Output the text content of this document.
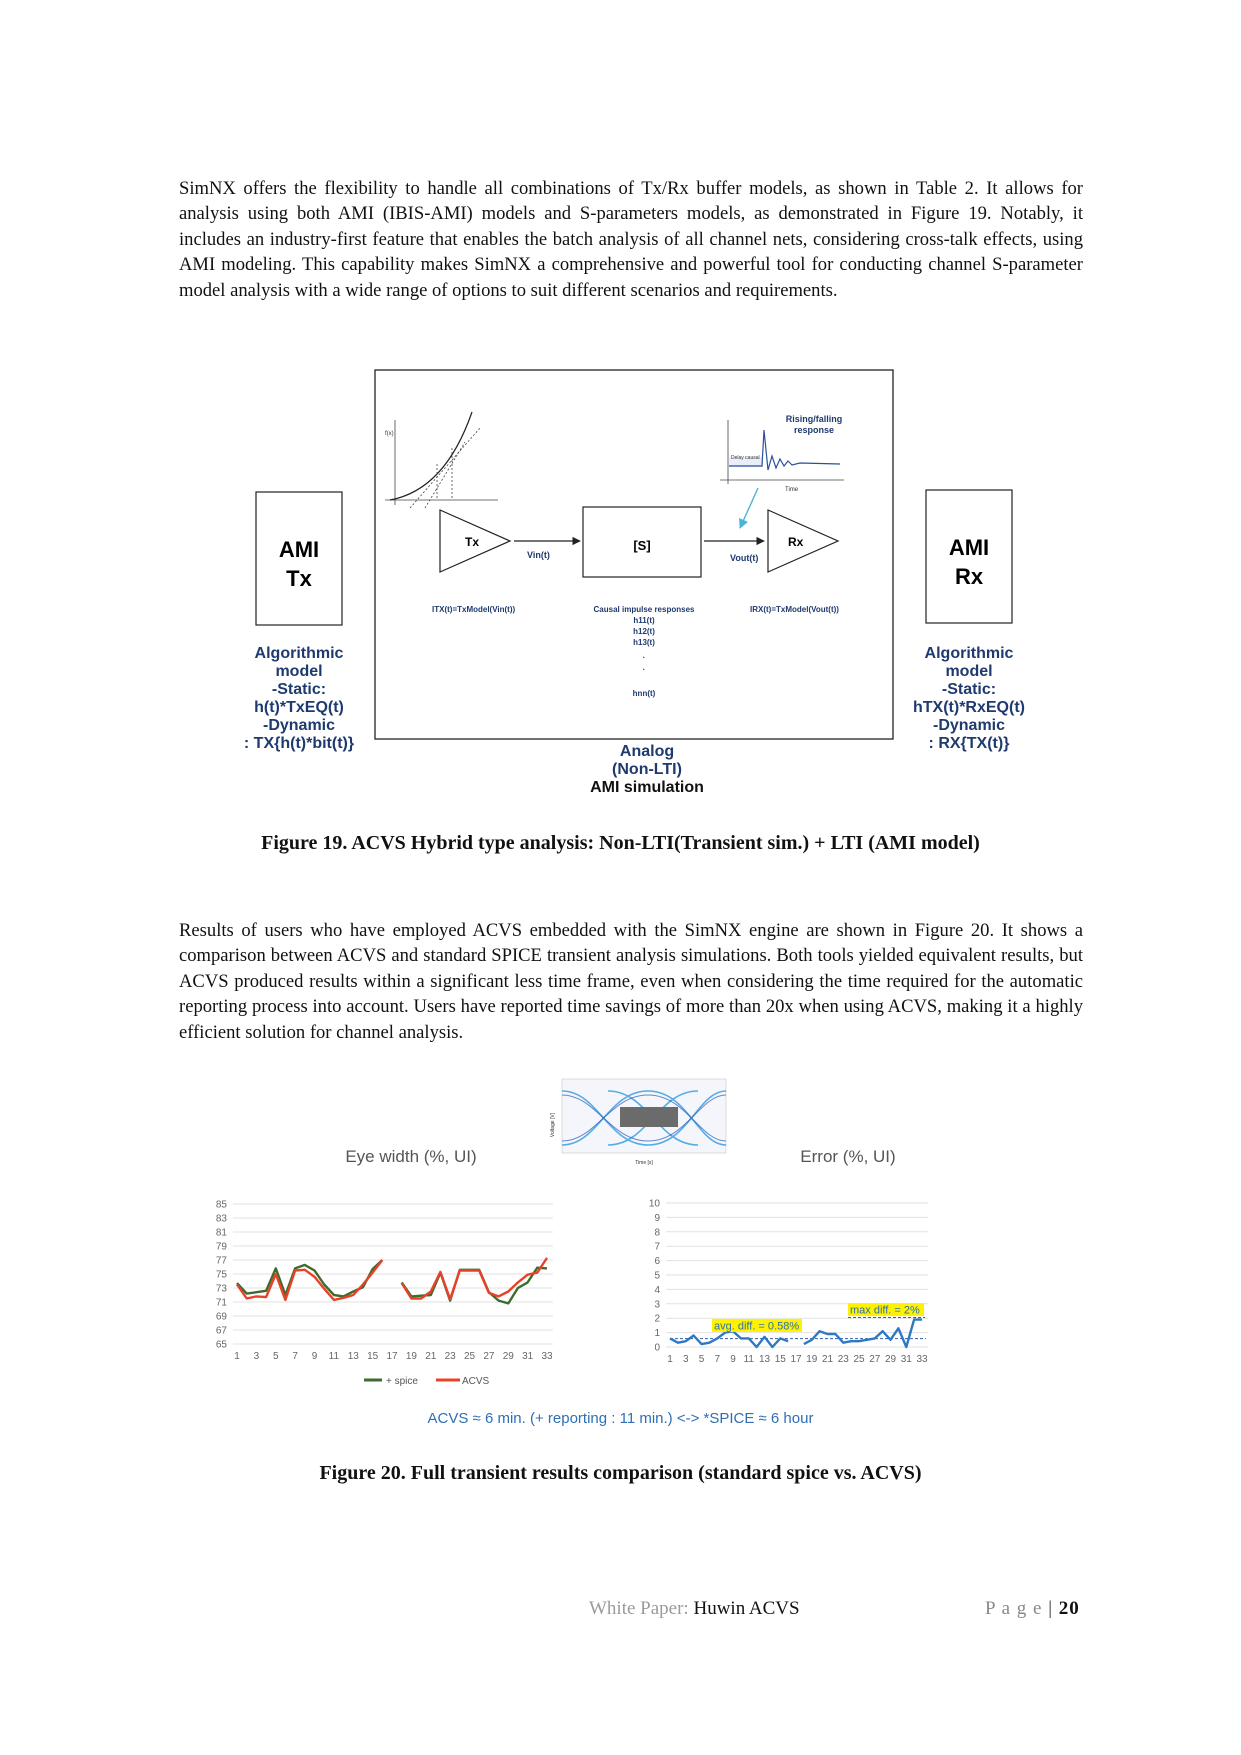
SimNX offers the flexibility to handle all combinations of Tx/Rx buffer models, as shown in Table 2. It allows for analysis using both AMI (IBIS-AMI) models and S-parameters models, as demonstrated in Figure 19. Notably, it includes an industry-first feature that enables the batch analysis of all channel nets, considering cross-talk effects, using AMI modeling. This capability makes SimNX a comprehensive and powerful tool for conducting channel S-parameter model analysis with a wide range of options to suit different scenarios and requirements.

AMI
Tx
AMI
Rx
Algorithmic
model
-Static:
h(t)*TxEQ(t)
-Dynamic
: TX{h(t)*bit(t)}
Algorithmic
model
-Static:
hTX(t)*RxEQ(t)
-Dynamic
: RX{TX(t)}
Analog
(Non-LTI)
AMI simulation
Tx
Vin(t)
[S]
Vout(t)
Rx
ITX(t)=TxModel(Vin(t))	IRX(t)=TxModel(Vout(t))
Causal impulse responses
h11(t)
h12(t)
h13(t)
·
·
hnn(t)
f(x)
Rising/falling
response
Delay causal
Time

Figure 19. ACVS Hybrid type analysis: Non-LTI(Transient sim.) + LTI (AMI model)

Results of users who have employed ACVS embedded with the SimNX engine are shown in Figure 20. It shows a comparison between ACVS and standard SPICE transient analysis simulations. Both tools yielded equivalent results, but ACVS produced results within a significant less time frame, even when considering the time required for the automatic reporting process into account. Users have reported time savings of more than 20x when using ACVS, making it a highly efficient solution for channel analysis.

Voltage [V]
Time [s]
Eye width (%, UI)
85
83
81
79
77
75
73
71
69
67
65
1 3 5 7 9 11 13 15 17 19 21 23 25 27 29 31 33
+ spice	ACVS
Error (%, UI)
10
9
8
7
6
5
4
3
2
1
0
1 3 5 7 9 11 13 15 17 19 21 23 25 27 29 31 33
avg. diff. = 0.58%
max diff. = 2%
ACVS ≈ 6 min. (+ reporting : 11 min.) <-> *SPICE ≈ 6 hour

Figure 20. Full transient results comparison (standard spice vs. ACVS)

White Paper: Huwin ACVS	P a g e | 20
